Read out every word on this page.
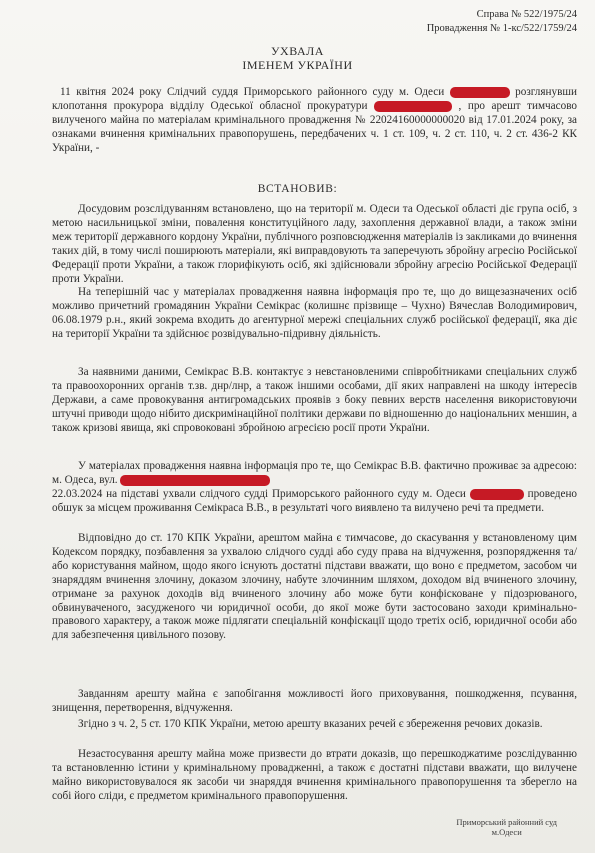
Справа № 522/1975/24
Провадження № 1-кс/522/1759/24
УХВАЛА
ІМЕНЕМ УКРАЇНИ
11 квітня 2024 року Слідчий суддя Приморського районного суду м. Одеси	розглянувши клопотання прокурора відділу Одеської обласної прокуратури	, про арешт тимчасово вилученого майна по матеріалам кримінального провадження № 22024160000000020 від 17.01.2024 року, за ознаками вчинення кримінальних правопорушень, передбачених ч. 1 ст. 109, ч. 2 ст. 110, ч. 2 ст. 436-2 КК України, -
ВСТАНОВИВ:
Досудовим розслідуванням встановлено, що на території м. Одеси та Одеської області діє група осіб, з метою насильницької зміни, повалення конституційного ладу, захоплення державної влади, а також зміни меж території державного кордону України, публічного розповсюдження матеріалів із закликами до вчинення таких дій, в тому числі поширюють матеріали, які виправдовують та заперечують збройну агресію Російської Федерації проти України, а також глорифікують осіб, які здійснювали збройну агресію Російської Федерації проти України.
На теперішній час у матеріалах провадження наявна інформація про те, що до вищезазначених осіб можливо причетний громадянин України Семікрас (колишнє прізвище – Чухно) Вячеслав Володимирович, 06.08.1979 р.н., який зокрема входить до агентурної мережі спеціальних служб російської федерації, яка діє на території України та здійснює розвідувально-підривну діяльність.
За наявними даними, Семікрас В.В. контактує з невстановленими співробітниками спеціальних служб та правоохоронних органів т.зв. днр/лнр, а також іншими особами, дії яких направлені на шкоду інтересів Держави, а саме провокування антигромадських проявів з боку певних верств населення використовуючи штучні приводи щодо нібито дискримінаційної політики держави по відношенню до національних меншин, а також кризові явища, які спровоковані збройною агресією росії проти України.
У матеріалах провадження наявна інформація про те, що Семікрас В.В. фактично проживає за адресою: м. Одеса, вул.
22.03.2024 на підставі ухвали слідчого судді Приморського районного суду м. Одеси	проведено обшук за місцем проживання Семікраса В.В., в результаті чого виявлено та вилучено речі та предмети.
Відповідно до ст. 170 КПК України, арештом майна є тимчасове, до скасування у встановленому цим Кодексом порядку, позбавлення за ухвалою слідчого судді або суду права на відчуження, розпорядження та/або користування майном, щодо якого існують достатні підстави вважати, що воно є предметом, засобом чи знаряддям вчинення злочину, доказом злочину, набуте злочинним шляхом, доходом від вчиненого злочину, отримане за рахунок доходів від вчиненого злочину або може бути конфісковане у підозрюваного, обвинуваченого, засудженого чи юридичної особи, до якої може бути застосовано заходи кримінально-правового характеру, а також може підлягати спеціальній конфіскації щодо третіх осіб, юридичної особи або для забезпечення цивільного позову.
Завданням арешту майна є запобігання можливості його приховування, пошкодження, псування, знищення, перетворення, відчуження.
Згідно з ч. 2, 5 ст. 170 КПК України, метою арешту вказаних речей є збереження речових доказів.
Незастосування арешту майна може призвести до втрати доказів, що перешкоджатиме розслідуванню та встановленню істини у кримінальному провадженні, а також є достатні підстави вважати, що вилучене майно використовувалося як засоби чи знаряддя вчинення кримінального правопорушення та зберегло на собі його сліди, є предметом кримінального правопорушення.
Приморський районний суд
м.Одеси
